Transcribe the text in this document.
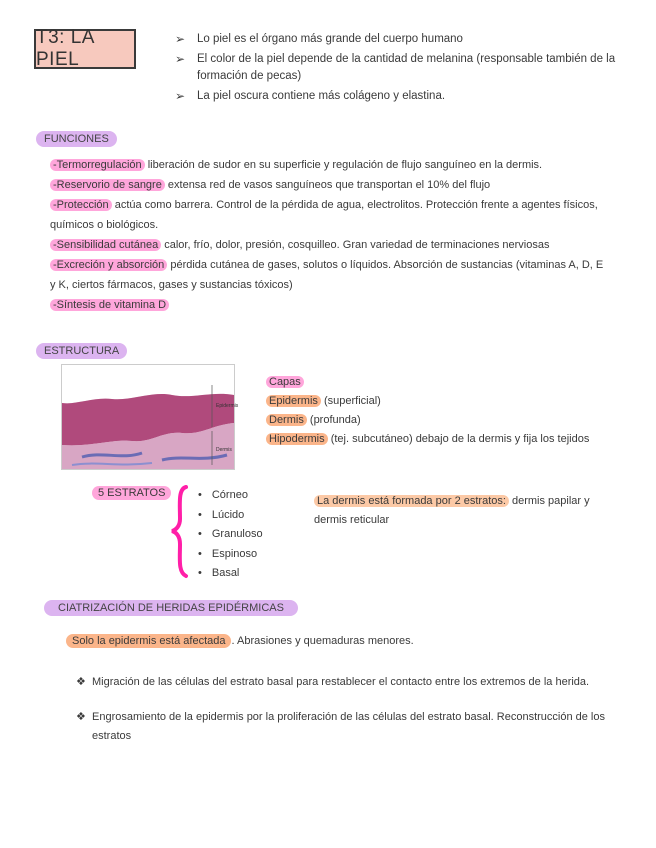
T3: LA PIEL
➢	Lo piel es el órgano más grande del cuerpo humano
➢	El color de la piel depende de la cantidad de melanina (responsable también de la formación de pecas)
➢	La piel oscura contiene más colágeno y elastina.
FUNCIONES
-Termorregulación liberación de sudor en su superficie y regulación de flujo sanguíneo en la dermis.
-Reservorio de sangre extensa red de vasos sanguíneos que transportan el 10% del flujo
-Protección actúa como barrera. Control de la pérdida de agua, electrolitos. Protección frente a agentes físicos, químicos o biológicos.
-Sensibilidad cutánea calor, frío, dolor, presión, cosquilleo. Gran variedad de terminaciones nerviosas
-Excreción y absorción pérdida cutánea de gases, solutos o líquidos. Absorción de sustancias (vitaminas A, D, E y K, ciertos fármacos, gases y sustancias tóxicos)
-Síntesis de vitamina D
ESTRUCTURA
Epidermis
Dermis
Capas
Epidermis (superficial)
Dermis (profunda)
Hipodermis (tej. subcutáneo) debajo de la dermis y fija los tejidos
5 ESTRATOS
•	Córneo
• Lúcido
• Granuloso
• Espinoso
• Basal
La dermis está formada por 2 estratos: dermis papilar y dermis reticular
CIATRIZACIÓN DE HERIDAS EPIDÉRMICAS
Solo la epidermis está afectada . Abrasiones y quemaduras menores.
❖ Migración de las células del estrato basal para restablecer el contacto entre los extremos de la herida.
❖ Engrosamiento de la epidermis por la proliferación de las células del estrato basal. Reconstrucción de los estratos
